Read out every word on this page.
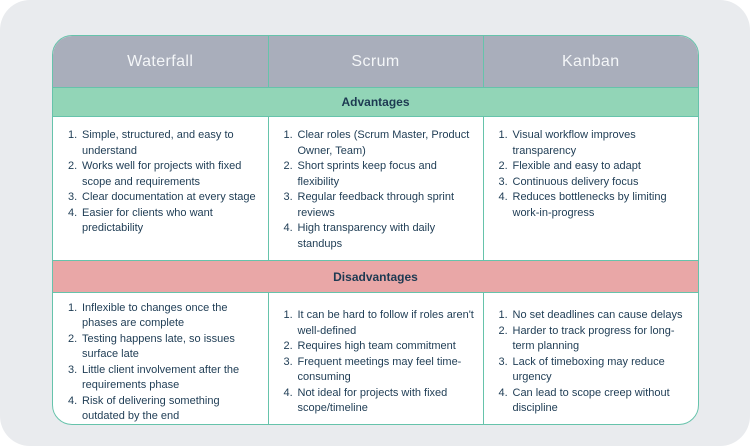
Waterfall	Scrum	Kanban
Advantages		

1. Simple, structured, and easy to understand
2. Works well for projects with fixed scope and requirements
3. Clear documentation at every stage
4. Easier for clients who want predictability

1. Clear roles (Scrum Master, Product Owner, Team)
2. Short sprints keep focus and flexibility
3. Regular feedback through sprint reviews
4. High transparency with daily standups

1. Visual workflow improves transparency
2. Flexible and easy to adapt
3. Continuous delivery focus
4. Reduces bottlenecks by limiting work-in-progress

Disadvantages		

1. Inflexible to changes once the phases are complete
2. Testing happens late, so issues surface late
3. Little client involvement after the requirements phase
4. Risk of delivering something outdated by the end

1. It can be hard to follow if roles aren't well-defined
2. Requires high team commitment
3. Frequent meetings may feel time-consuming
4. Not ideal for projects with fixed scope/timeline

1. No set deadlines can cause delays
2. Harder to track progress for long-term planning
3. Lack of timeboxing may reduce urgency
4. Can lead to scope creep without discipline
